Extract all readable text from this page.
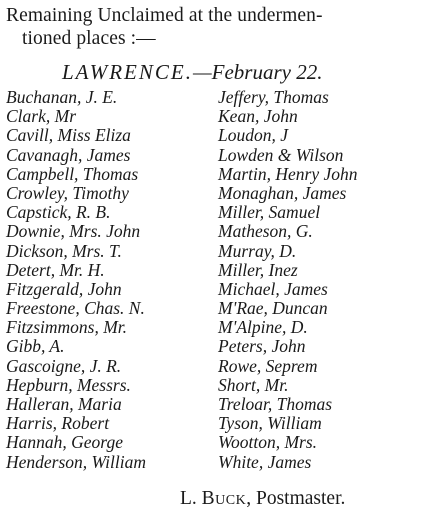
Remaining Unclaimed at the undermen-
tioned places :—
LAWRENCE.—February 22.
Buchanan, J. E.
Clark, Mr
Cavill, Miss Eliza
Cavanagh, James
Campbell, Thomas
Crowley, Timothy
Capstick, R. B.
Downie, Mrs. John
Dickson, Mrs. T.
Detert, Mr. H.
Fitzgerald, John
Freestone, Chas. N.
Fitzsimmons, Mr.
Gibb, A.
Gascoigne, J. R.
Hepburn, Messrs.
Halleran, Maria
Harris, Robert
Hannah, George
Henderson, William
Jeffery, Thomas
Kean, John
Loudon, J
Lowden & Wilson
Martin, Henry John
Monaghan, James
Miller, Samuel
Matheson, G.
Murray, D.
Miller, Inez
Michael, James
M'Rae, Duncan
M'Alpine, D.
Peters, John
Rowe, Seprem
Short, Mr.
Treloar, Thomas
Tyson, William
Wootton, Mrs.
White, James
L. Buck, Postmaster.
